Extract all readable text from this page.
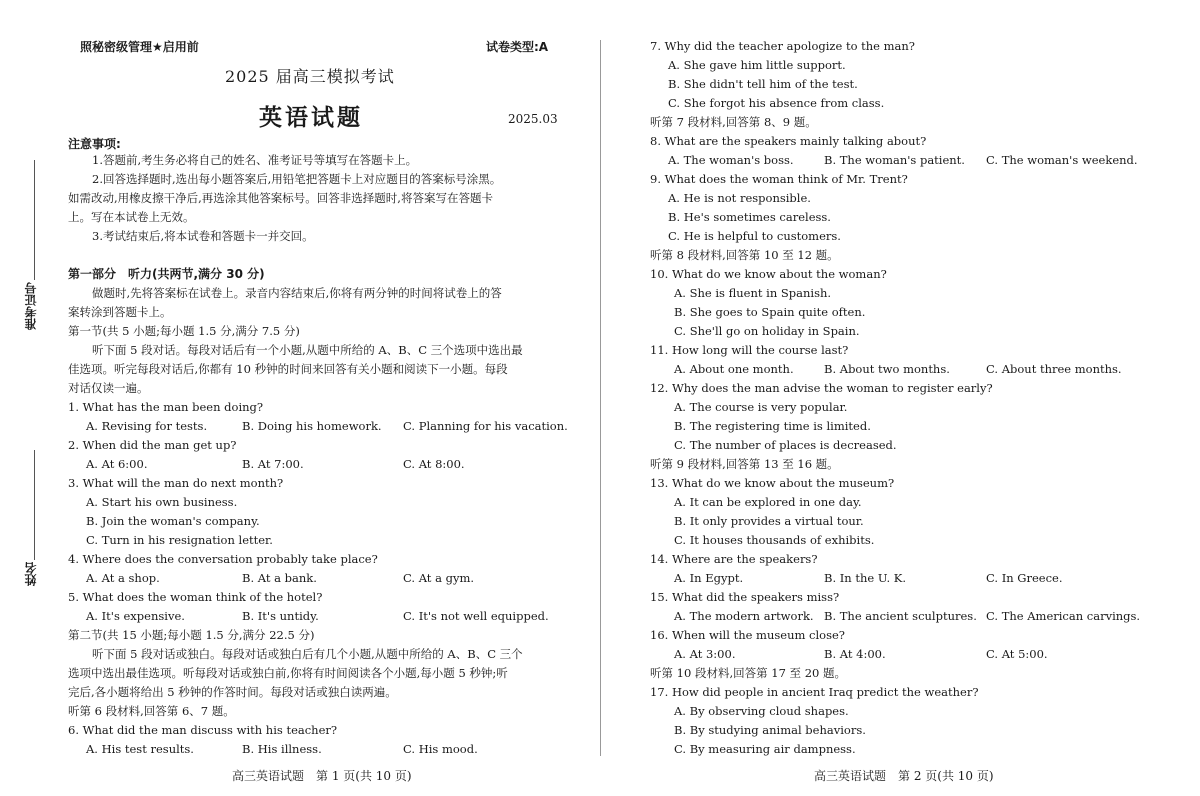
姓名
准考证号
照秘密级管理★启用前	试卷类型:A
2025 届高三模拟考试
英语试题	2025.03
注意事项:
1.答题前,考生务必将自己的姓名、准考证号等填写在答题卡上。
2.回答选择题时,选出每小题答案后,用铅笔把答题卡上对应题目的答案标号涂黑。
如需改动,用橡皮擦干净后,再选涂其他答案标号。回答非选择题时,将答案写在答题卡
上。写在本试卷上无效。
3.考试结束后,将本试卷和答题卡一并交回。
第一部分　听力(共两节,满分 30 分)
做题时,先将答案标在试卷上。录音内容结束后,你将有两分钟的时间将试卷上的答
案转涂到答题卡上。
第一节(共 5 小题;每小题 1.5 分,满分 7.5 分)
听下面 5 段对话。每段对话后有一个小题,从题中所给的 A、B、C 三个选项中选出最
佳选项。听完每段对话后,你都有 10 秒钟的时间来回答有关小题和阅读下一小题。每段
对话仅读一遍。
1. What has the man been doing?
A. Revising for tests.	B. Doing his homework. C. Planning for his vacation.
2. When did the man get up?
A. At 6:00.	B. At 7:00.	C. At 8:00.
3. What will the man do next month?
A. Start his own business.
B. Join the woman's company.
C. Turn in his resignation letter.
4. Where does the conversation probably take place?
A. At a shop.	B. At a bank.	C. At a gym.
5. What does the woman think of the hotel?
A. It's expensive.	B. It's untidy.	C. It's not well equipped.
第二节(共 15 小题;每小题 1.5 分,满分 22.5 分)
听下面 5 段对话或独白。每段对话或独白后有几个小题,从题中所给的 A、B、C 三个
选项中选出最佳选项。听每段对话或独白前,你将有时间阅读各个小题,每小题 5 秒钟;听
完后,各小题将给出 5 秒钟的作答时间。每段对话或独白读两遍。
听第 6 段材料,回答第 6、7 题。
6. What did the man discuss with his teacher?
A. His test results.	B. His illness.	C. His mood.
高三英语试题　第 1 页(共 10 页)
7. Why did the teacher apologize to the man?
A. She gave him little support.
B. She didn't tell him of the test.
C. She forgot his absence from class.
听第 7 段材料,回答第 8、9 题。
8. What are the speakers mainly talking about?
A. The woman's boss.	B. The woman's patient. C. The woman's weekend.
9. What does the woman think of Mr. Trent?
A. He is not responsible.
B. He's sometimes careless.
C. He is helpful to customers.
听第 8 段材料,回答第 10 至 12 题。
10. What do we know about the woman?
A. She is fluent in Spanish.
B. She goes to Spain quite often.
C. She'll go on holiday in Spain.
11. How long will the course last?
A. About one month.	B. About two months.	C. About three months.
12. Why does the man advise the woman to register early?
A. The course is very popular.
B. The registering time is limited.
C. The number of places is decreased.
听第 9 段材料,回答第 13 至 16 题。
13. What do we know about the museum?
A. It can be explored in one day.
B. It only provides a virtual tour.
C. It houses thousands of exhibits.
14. Where are the speakers?
A. In Egypt.	B. In the U. K.	C. In Greece.
15. What did the speakers miss?
A. The modern artwork. B. The ancient sculptures. C. The American carvings.
16. When will the museum close?
A. At 3:00.	B. At 4:00.	C. At 5:00.
听第 10 段材料,回答第 17 至 20 题。
17. How did people in ancient Iraq predict the weather?
A. By observing cloud shapes.
B. By studying animal behaviors.
C. By measuring air dampness.
高三英语试题　第 2 页(共 10 页)
